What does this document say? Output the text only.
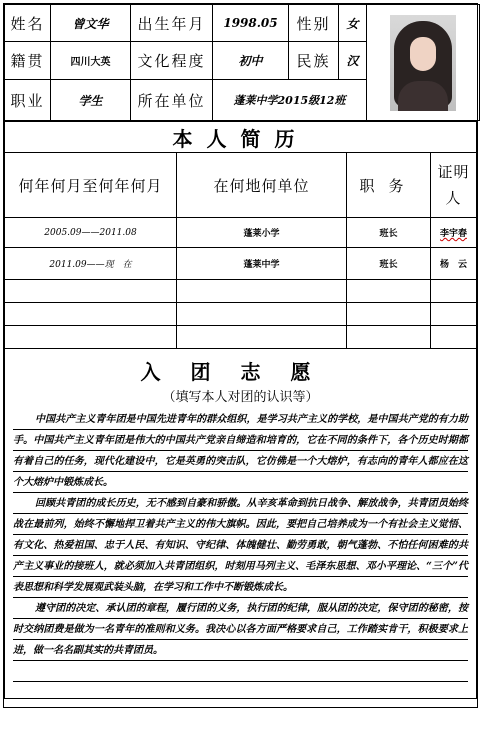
姓名	曾文华	出生年月	1998.05	性别	女	

籍贯	四川大英	文化程度	初中	民族	汉	
职业	学生	所在单位	蓬莱中学2015级12班			
本人简历			
何年何月至何年何月	在何地何单位	职务	证明人
2005.09——2011.08	蓬莱小学	班长	李宇春
2011.09——现　在	蓬莱中学	班长	杨　云

入团志愿
（填写本人对团的认识等）

中国共产主义青年团是中国先进青年的群众组织，是学习共产主义的学校，是中国共产党的有力助手。中国共产主义青年团是伟大的中国共产党亲自缔造和培育的，它在不同的条件下，各个历史时期都有着自己的任务，现代化建设中，它是英勇的突击队，它仿佛是一个大熔炉，有志向的青年人都应在这个大熔炉中锻炼成长。

回顾共青团的成长历史，无不感到自豪和骄傲。从辛亥革命到抗日战争、解放战争，共青团员始终战在最前列，始终不懈地捍卫着共产主义的伟大旗帜。因此，要把自己培养成为一个有社会主义觉悟、有文化、热爱祖国、忠于人民、有知识、守纪律、体魄健壮、勤劳勇敢，朝气蓬勃、不怕任何困难的共产主义事业的接班人，就必须加入共青团组织，时刻用马列主义、毛泽东思想、邓小平理论、“三个”代表思想和科学发展观武装头脑，在学习和工作中不断锻炼成长。

遵守团的决定、承认团的章程，履行团的义务，执行团的纪律，服从团的决定，保守团的秘密，按时交纳团费是做为一名青年的准则和义务。我决心以各方面严格要求自己，工作踏实肯干，积极要求上进，做一名名副其实的共青团员。			
